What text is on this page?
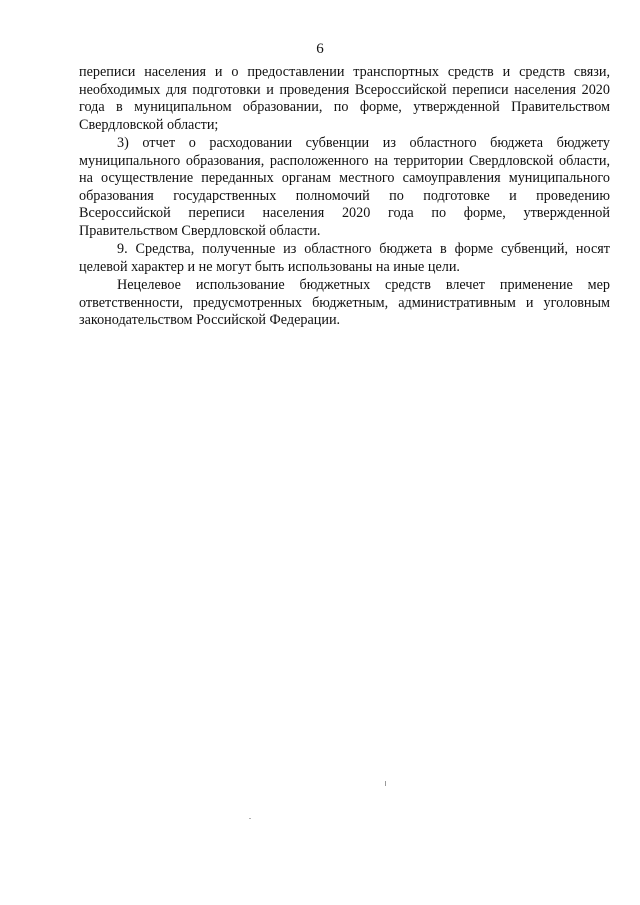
6

переписи населения и о предоставлении транспортных средств и средств связи, необходимых для подготовки и проведения Всероссийской переписи населения 2020 года в муниципальном образовании, по форме, утвержденной Правительством Свердловской области;

3) отчет о расходовании субвенции из областного бюджета бюджету муниципального образования, расположенного на территории Свердловской области, на осуществление переданных органам местного самоуправления муниципального образования государственных полномочий по подготовке и проведению Всероссийской переписи населения 2020 года по форме, утвержденной Правительством Свердловской области.

9. Средства, полученные из областного бюджета в форме субвенций, носят целевой характер и не могут быть использованы на иные цели.

Нецелевое использование бюджетных средств влечет применение мер ответственности, предусмотренных бюджетным, административным и уголовным законодательством Российской Федерации.
